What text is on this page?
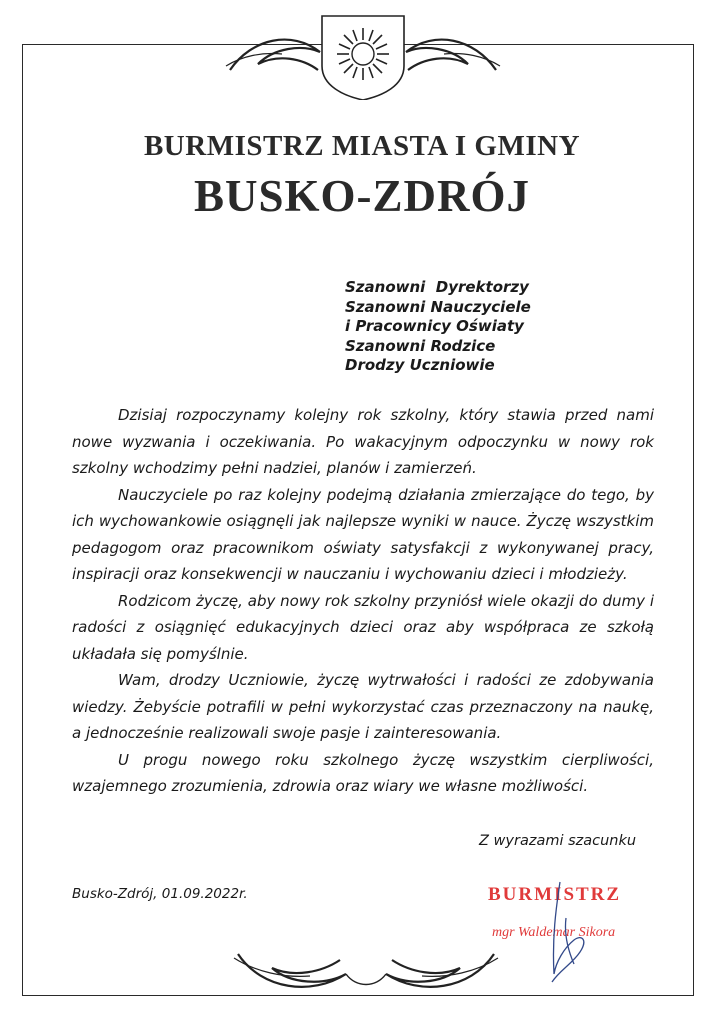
BURMISTRZ MIASTA I GMINY
BUSKO-ZDRÓJ
Szanowni  Dyrektorzy
Szanowni Nauczyciele
i Pracownicy Oświaty
Szanowni Rodzice
Drodzy Uczniowie

Dzisiaj rozpoczynamy kolejny rok szkolny, który stawia przed nami nowe wyzwania i oczekiwania. Po wakacyjnym odpoczynku w nowy rok szkolny wchodzimy pełni nadziei, planów i zamierzeń.

Nauczyciele po raz kolejny podejmą działania zmierzające do tego, by ich wychowankowie osiągnęli jak najlepsze wyniki w nauce. Życzę wszystkim pedagogom oraz pracownikom oświaty satysfakcji z wykonywanej pracy, inspiracji oraz konsekwencji w nauczaniu i wychowaniu dzieci i młodzieży.

Rodzicom życzę, aby nowy rok szkolny przyniósł wiele okazji do dumy i radości z osiągnięć edukacyjnych dzieci oraz aby współpraca ze szkołą układała się pomyślnie.

Wam, drodzy Uczniowie, życzę wytrwałości i radości ze zdobywania wiedzy. Żebyście potrafili w pełni wykorzystać czas przeznaczony na naukę, a jednocześnie realizowali swoje pasje i zainteresowania.

U progu nowego roku szkolnego życzę wszystkim cierpliwości, wzajemnego zrozumienia, zdrowia oraz wiary we własne możliwości.

Z wyrazami szacunku
Busko-Zdrój, 01.09.2022r.	BURMISTRZ
mgr Waldemar Sikora
